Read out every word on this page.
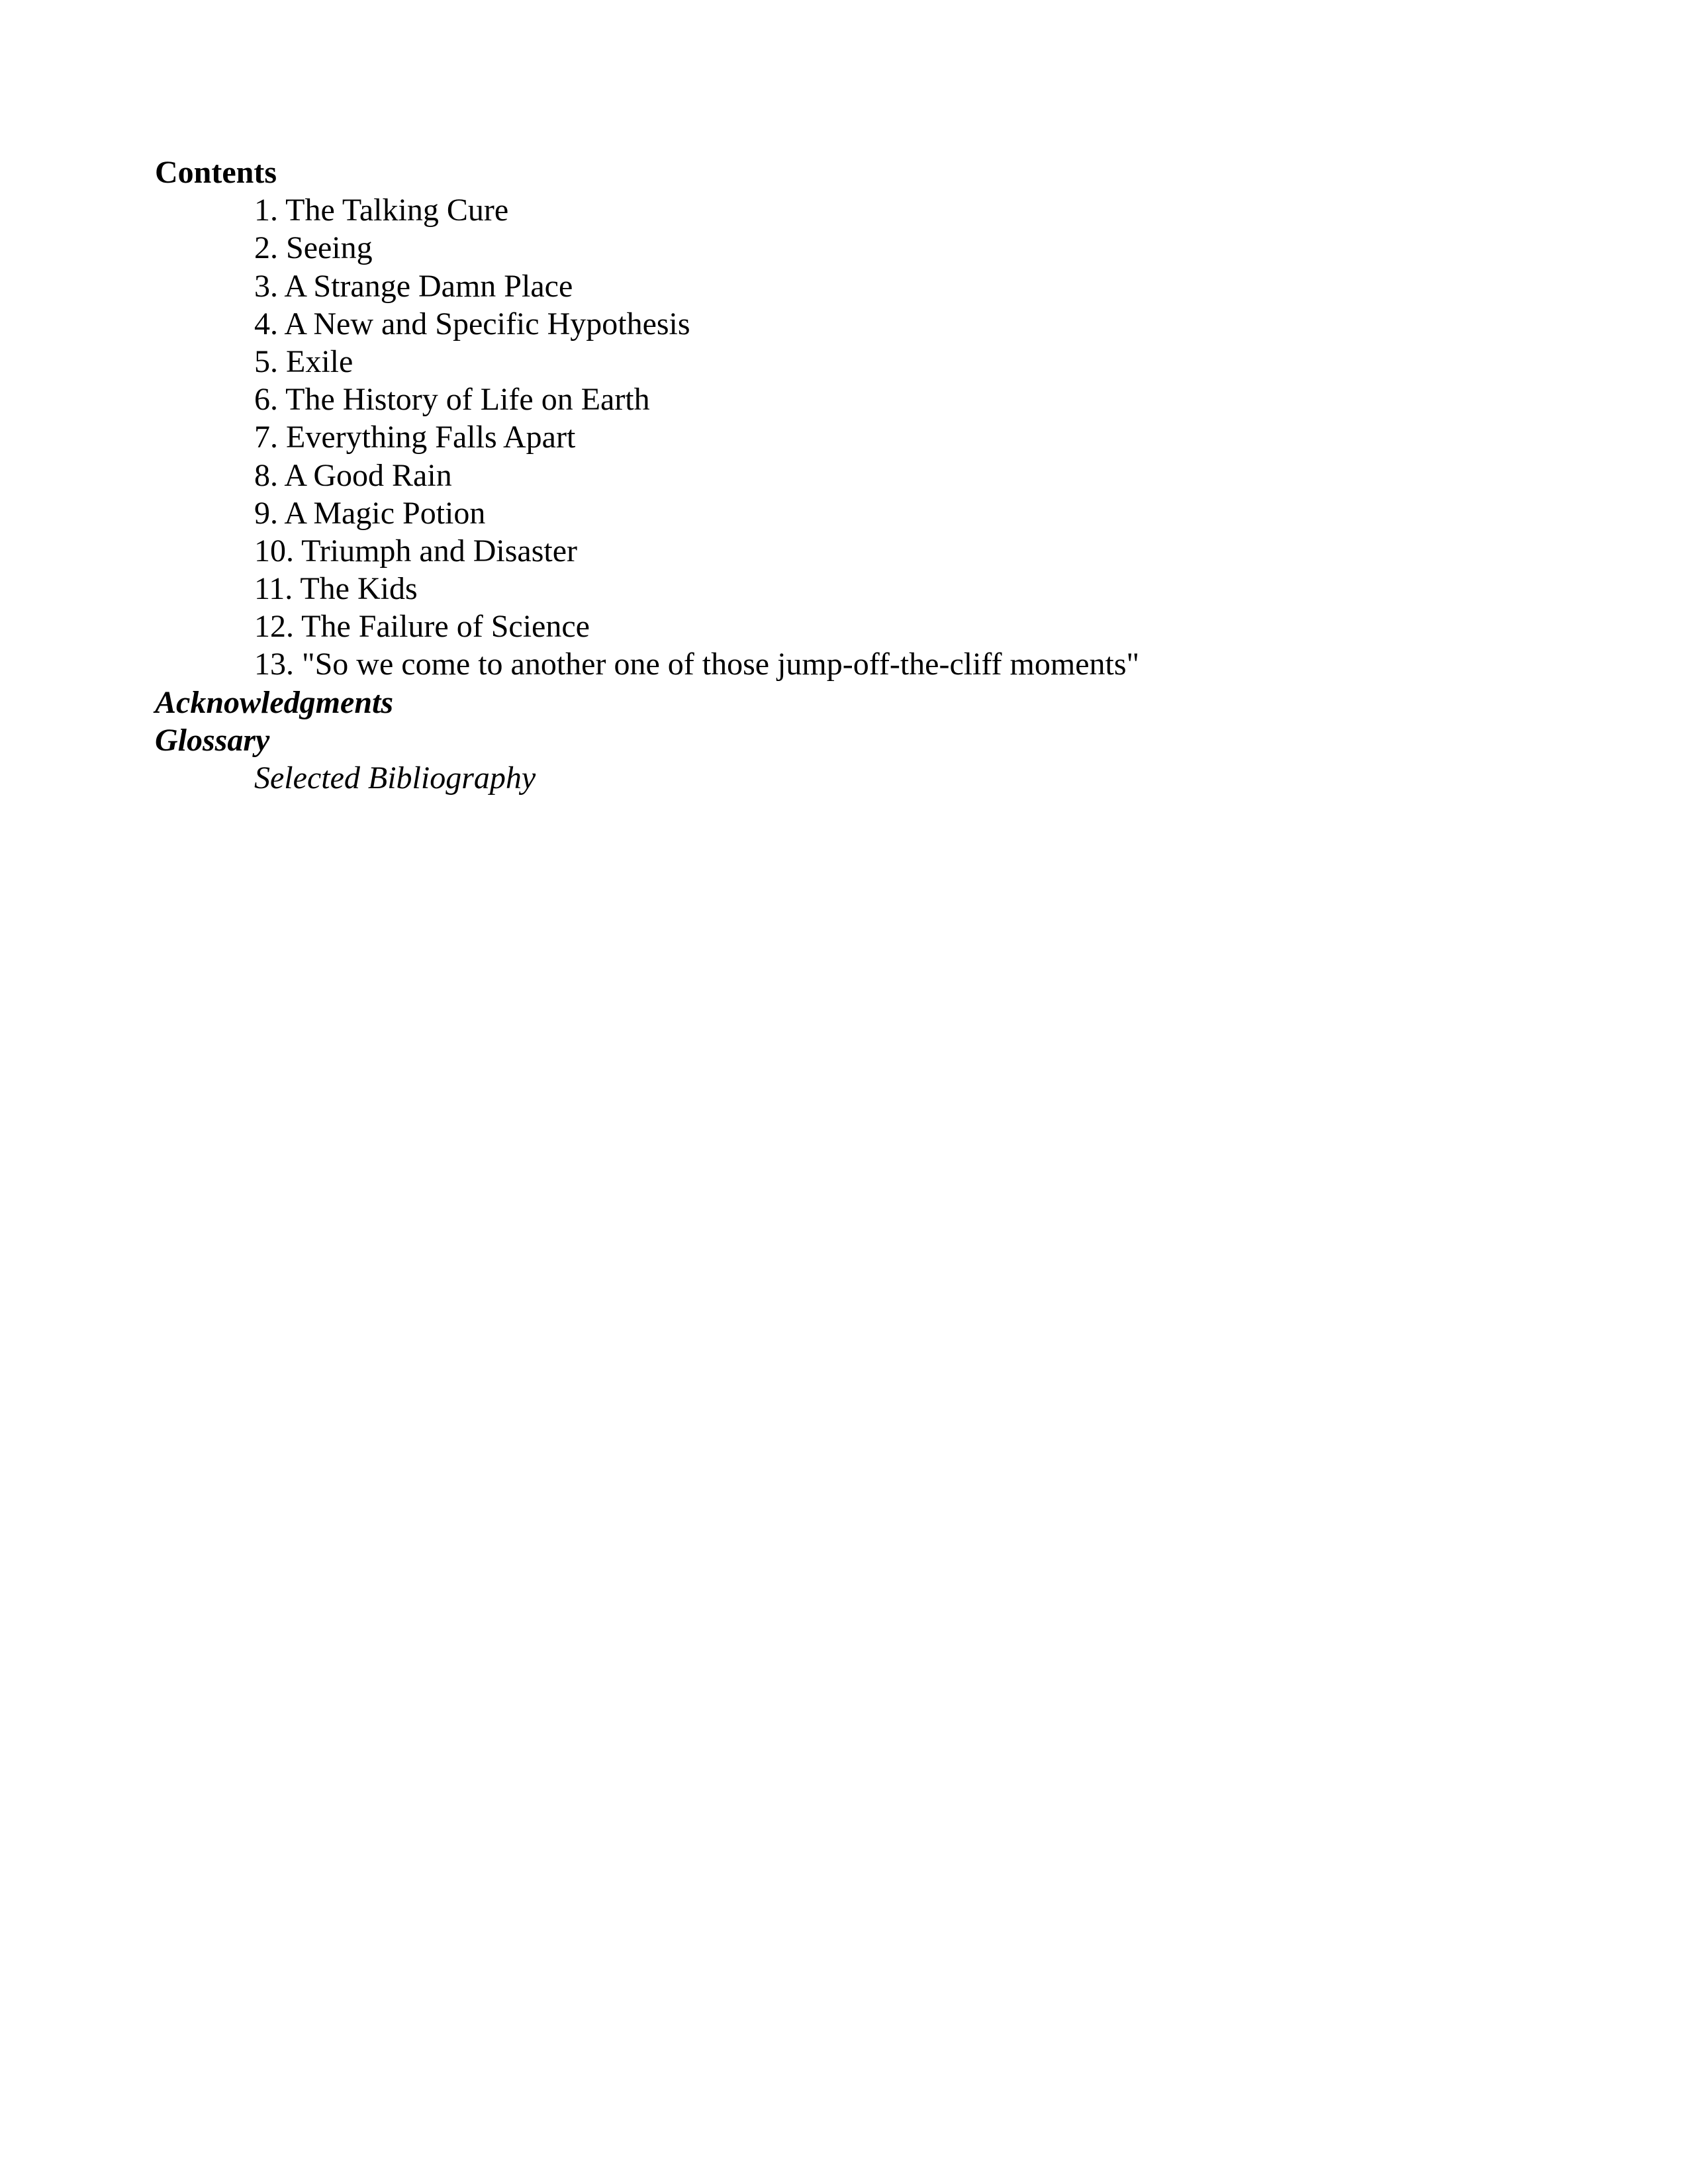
Contents
1. The Talking Cure
2. Seeing
3. A Strange Damn Place
4. A New and Specific Hypothesis
5. Exile
6. The History of Life on Earth
7. Everything Falls Apart
8. A Good Rain
9. A Magic Potion
10. Triumph and Disaster
11. The Kids
12. The Failure of Science
13. "So we come to another one of those jump-off-the-cliff moments"
Acknowledgments
Glossary
Selected Bibliography
